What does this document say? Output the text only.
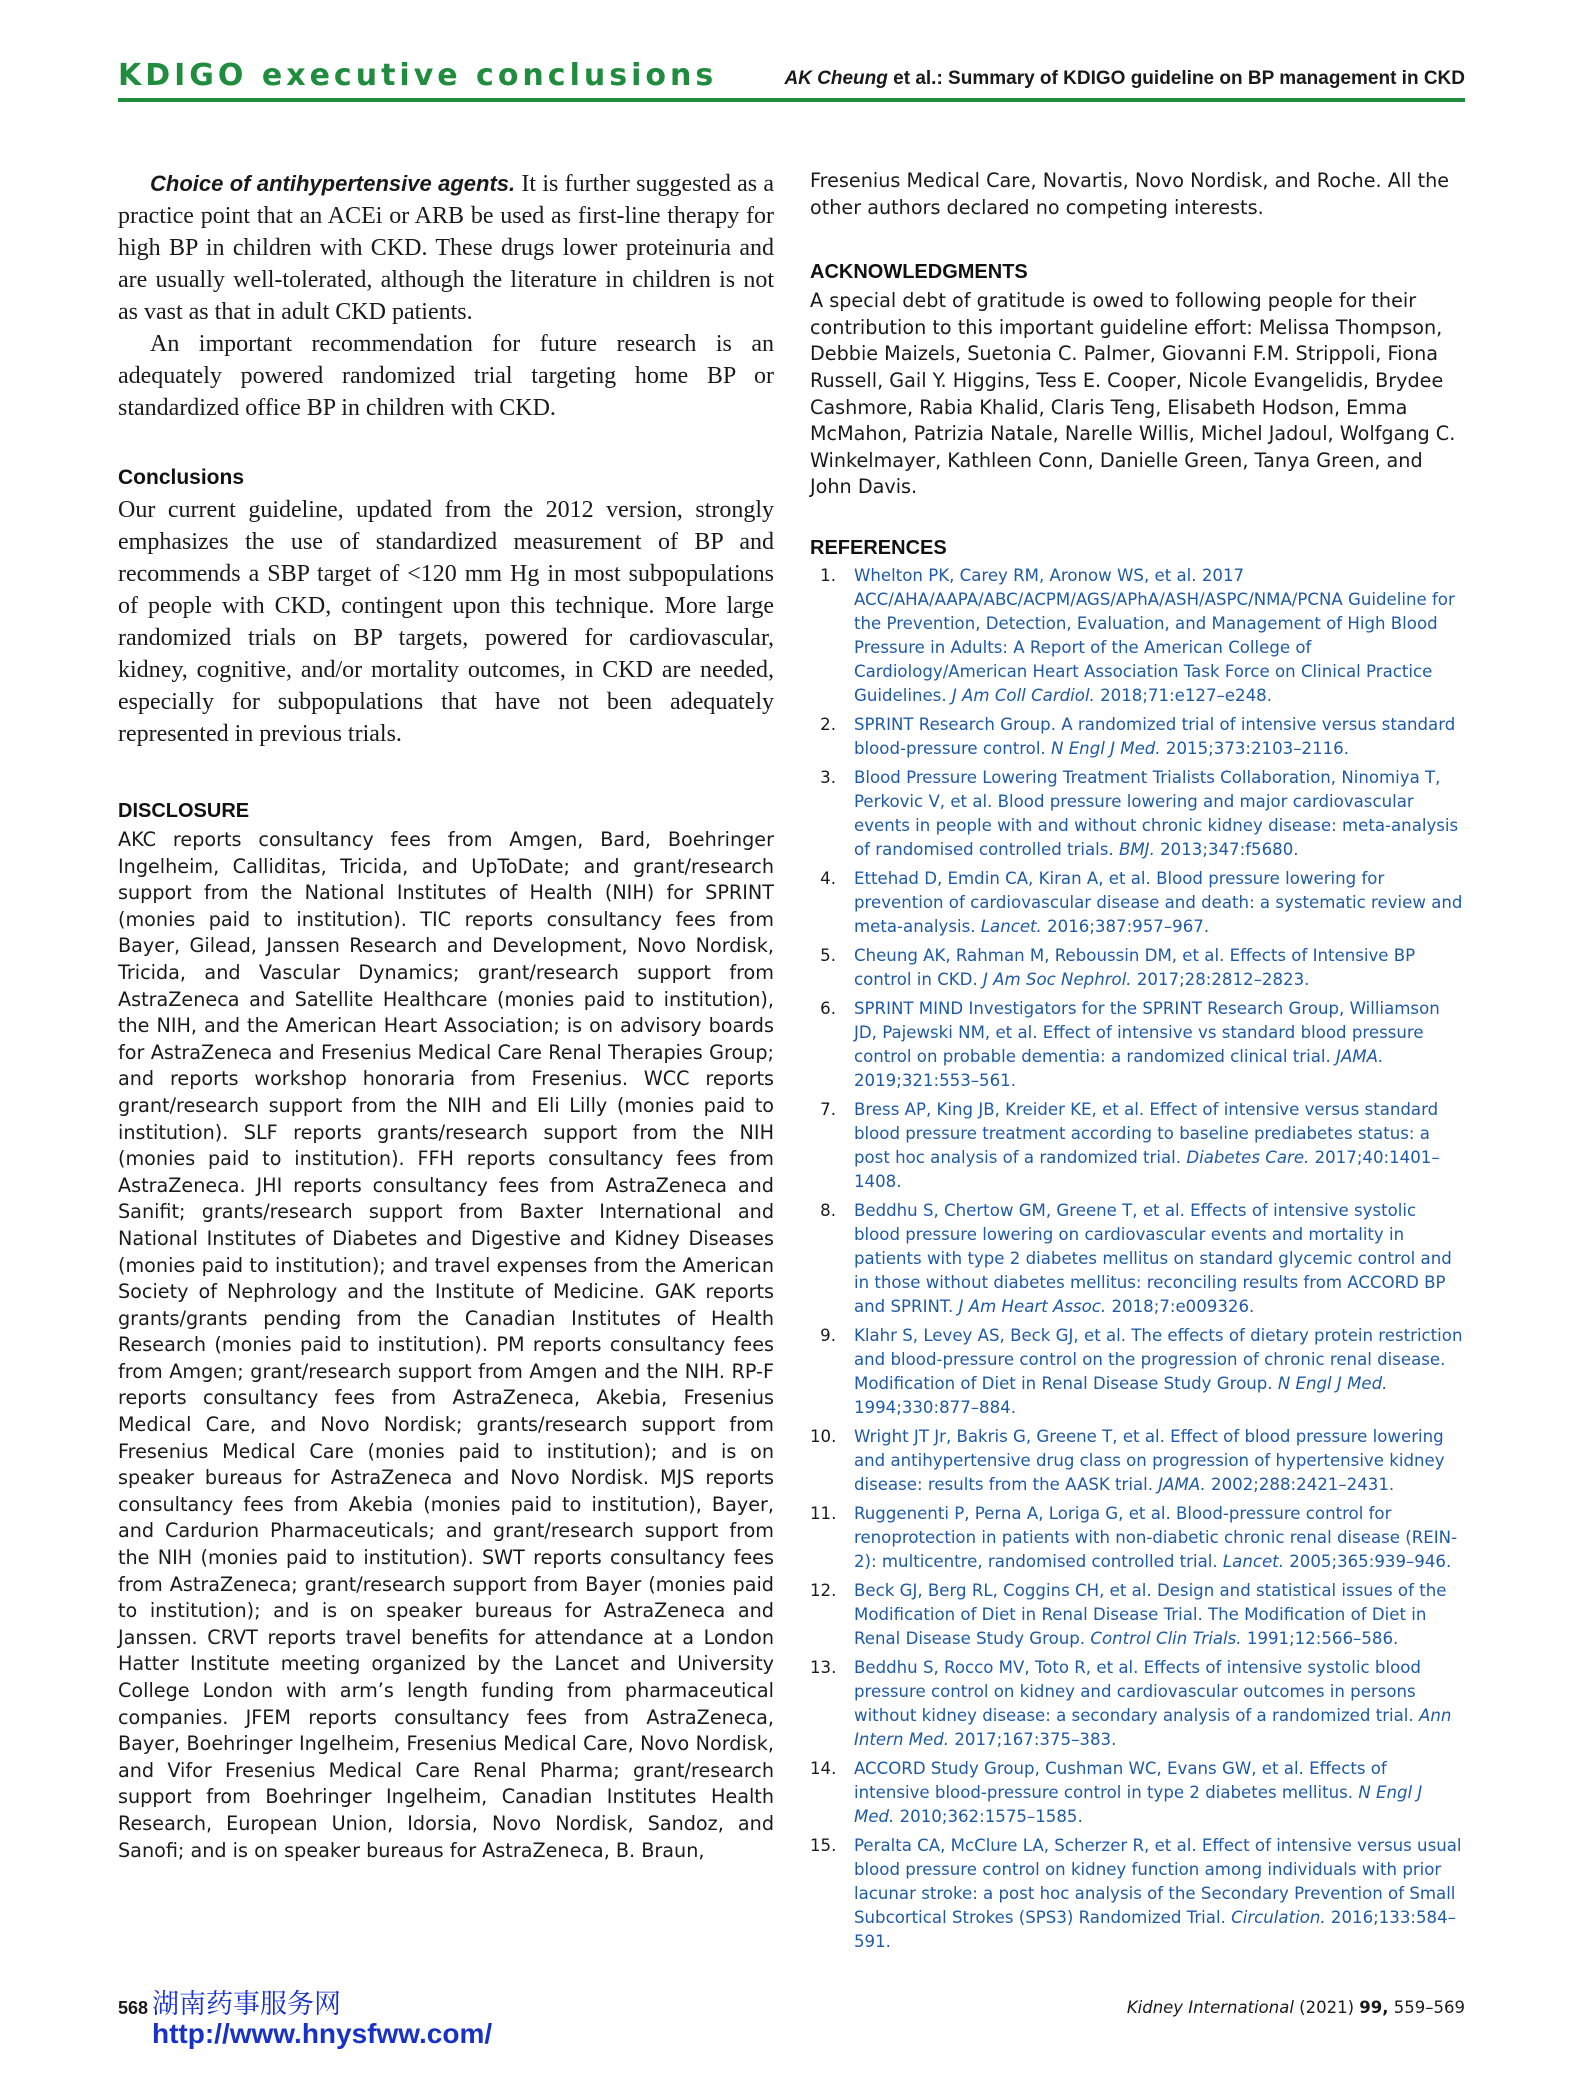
KDIGO executive conclusions	AK Cheung et al.: Summary of KDIGO guideline on BP management in CKD

Choice of antihypertensive agents. It is further suggested as a practice point that an ACEi or ARB be used as first-line therapy for high BP in children with CKD. These drugs lower proteinuria and are usually well-tolerated, although the literature in children is not as vast as that in adult CKD patients.

An important recommendation for future research is an adequately powered randomized trial targeting home BP or standardized office BP in children with CKD.

Conclusions

Our current guideline, updated from the 2012 version, strongly emphasizes the use of standardized measurement of BP and recommends a SBP target of <120 mm Hg in most subpopulations of people with CKD, contingent upon this technique. More large randomized trials on BP targets, powered for cardiovascular, kidney, cognitive, and/or mortality outcomes, in CKD are needed, especially for subpopulations that have not been adequately represented in previous trials.

DISCLOSURE

AKC reports consultancy fees from Amgen, Bard, Boehringer Ingelheim, Calliditas, Tricida, and UpToDate; and grant/research support from the National Institutes of Health (NIH) for SPRINT (monies paid to institution). TIC reports consultancy fees from Bayer, Gilead, Janssen Research and Development, Novo Nordisk, Tricida, and Vascular Dynamics; grant/research support from AstraZeneca and Satellite Healthcare (monies paid to institution), the NIH, and the American Heart Association; is on advisory boards for AstraZeneca and Fresenius Medical Care Renal Therapies Group; and reports workshop honoraria from Fresenius. WCC reports grant/research support from the NIH and Eli Lilly (monies paid to institution). SLF reports grants/research support from the NIH (monies paid to institution). FFH reports consultancy fees from AstraZeneca. JHI reports consultancy fees from AstraZeneca and Sanifit; grants/research support from Baxter International and National Institutes of Diabetes and Digestive and Kidney Diseases (monies paid to institution); and travel expenses from the American Society of Nephrology and the Institute of Medicine. GAK reports grants/grants pending from the Canadian Institutes of Health Research (monies paid to institution). PM reports consultancy fees from Amgen; grant/research support from Amgen and the NIH. RP-F reports consultancy fees from AstraZeneca, Akebia, Fresenius Medical Care, and Novo Nordisk; grants/research support from Fresenius Medical Care (monies paid to institution); and is on speaker bureaus for AstraZeneca and Novo Nordisk. MJS reports consultancy fees from Akebia (monies paid to institution), Bayer, and Cardurion Pharmaceuticals; and grant/research support from the NIH (monies paid to institution). SWT reports consultancy fees from AstraZeneca; grant/research support from Bayer (monies paid to institution); and is on speaker bureaus for AstraZeneca and Janssen. CRVT reports travel benefits for attendance at a London Hatter Institute meeting organized by the Lancet and University College London with arm’s length funding from pharmaceutical companies. JFEM reports consultancy fees from AstraZeneca, Bayer, Boehringer Ingelheim, Fresenius Medical Care, Novo Nordisk, and Vifor Fresenius Medical Care Renal Pharma; grant/research support from Boehringer Ingelheim, Canadian Institutes Health Research, European Union, Idorsia, Novo Nordisk, Sandoz, and Sanofi; and is on speaker bureaus for AstraZeneca, B. Braun,

Fresenius Medical Care, Novartis, Novo Nordisk, and Roche. All the other authors declared no competing interests.

ACKNOWLEDGMENTS

A special debt of gratitude is owed to following people for their contribution to this important guideline effort: Melissa Thompson, Debbie Maizels, Suetonia C. Palmer, Giovanni F.M. Strippoli, Fiona Russell, Gail Y. Higgins, Tess E. Cooper, Nicole Evangelidis, Brydee Cashmore, Rabia Khalid, Claris Teng, Elisabeth Hodson, Emma McMahon, Patrizia Natale, Narelle Willis, Michel Jadoul, Wolfgang C. Winkelmayer, Kathleen Conn, Danielle Green, Tanya Green, and John Davis.

REFERENCES
1. Whelton PK, Carey RM, Aronow WS, et al. 2017 ACC/AHA/AAPA/ABC/ACPM/AGS/APhA/ASH/ASPC/NMA/PCNA Guideline for the Prevention, Detection, Evaluation, and Management of High Blood Pressure in Adults: A Report of the American College of Cardiology/American Heart Association Task Force on Clinical Practice Guidelines. J Am Coll Cardiol. 2018;71:e127–e248.
2. SPRINT Research Group. A randomized trial of intensive versus standard blood-pressure control. N Engl J Med. 2015;373:2103–2116.
3. Blood Pressure Lowering Treatment Trialists Collaboration, Ninomiya T, Perkovic V, et al. Blood pressure lowering and major cardiovascular events in people with and without chronic kidney disease: meta-analysis of randomised controlled trials. BMJ. 2013;347:f5680.
4. Ettehad D, Emdin CA, Kiran A, et al. Blood pressure lowering for prevention of cardiovascular disease and death: a systematic review and meta-analysis. Lancet. 2016;387:957–967.
5. Cheung AK, Rahman M, Reboussin DM, et al. Effects of Intensive BP control in CKD. J Am Soc Nephrol. 2017;28:2812–2823.
6. SPRINT MIND Investigators for the SPRINT Research Group, Williamson JD, Pajewski NM, et al. Effect of intensive vs standard blood pressure control on probable dementia: a randomized clinical trial. JAMA. 2019;321:553–561.
7. Bress AP, King JB, Kreider KE, et al. Effect of intensive versus standard blood pressure treatment according to baseline prediabetes status: a post hoc analysis of a randomized trial. Diabetes Care. 2017;40:1401–1408.
8. Beddhu S, Chertow GM, Greene T, et al. Effects of intensive systolic blood pressure lowering on cardiovascular events and mortality in patients with type 2 diabetes mellitus on standard glycemic control and in those without diabetes mellitus: reconciling results from ACCORD BP and SPRINT. J Am Heart Assoc. 2018;7:e009326.
9. Klahr S, Levey AS, Beck GJ, et al. The effects of dietary protein restriction and blood-pressure control on the progression of chronic renal disease. Modification of Diet in Renal Disease Study Group. N Engl J Med. 1994;330:877–884.
10. Wright JT Jr, Bakris G, Greene T, et al. Effect of blood pressure lowering and antihypertensive drug class on progression of hypertensive kidney disease: results from the AASK trial. JAMA. 2002;288:2421–2431.
11. Ruggenenti P, Perna A, Loriga G, et al. Blood-pressure control for renoprotection in patients with non-diabetic chronic renal disease (REIN-2): multicentre, randomised controlled trial. Lancet. 2005;365:939–946.
12. Beck GJ, Berg RL, Coggins CH, et al. Design and statistical issues of the Modification of Diet in Renal Disease Trial. The Modification of Diet in Renal Disease Study Group. Control Clin Trials. 1991;12:566–586.
13. Beddhu S, Rocco MV, Toto R, et al. Effects of intensive systolic blood pressure control on kidney and cardiovascular outcomes in persons without kidney disease: a secondary analysis of a randomized trial. Ann Intern Med. 2017;167:375–383.
14. ACCORD Study Group, Cushman WC, Evans GW, et al. Effects of intensive blood-pressure control in type 2 diabetes mellitus. N Engl J Med. 2010;362:1575–1585.
15. Peralta CA, McClure LA, Scherzer R, et al. Effect of intensive versus usual blood pressure control on kidney function among individuals with prior lacunar stroke: a post hoc analysis of the Secondary Prevention of Small Subcortical Strokes (SPS3) Randomized Trial. Circulation. 2016;133:584–591.
568 湖南药事服务网
http://www.hnysfww.com/
Kidney International (2021) 99, 559–569
